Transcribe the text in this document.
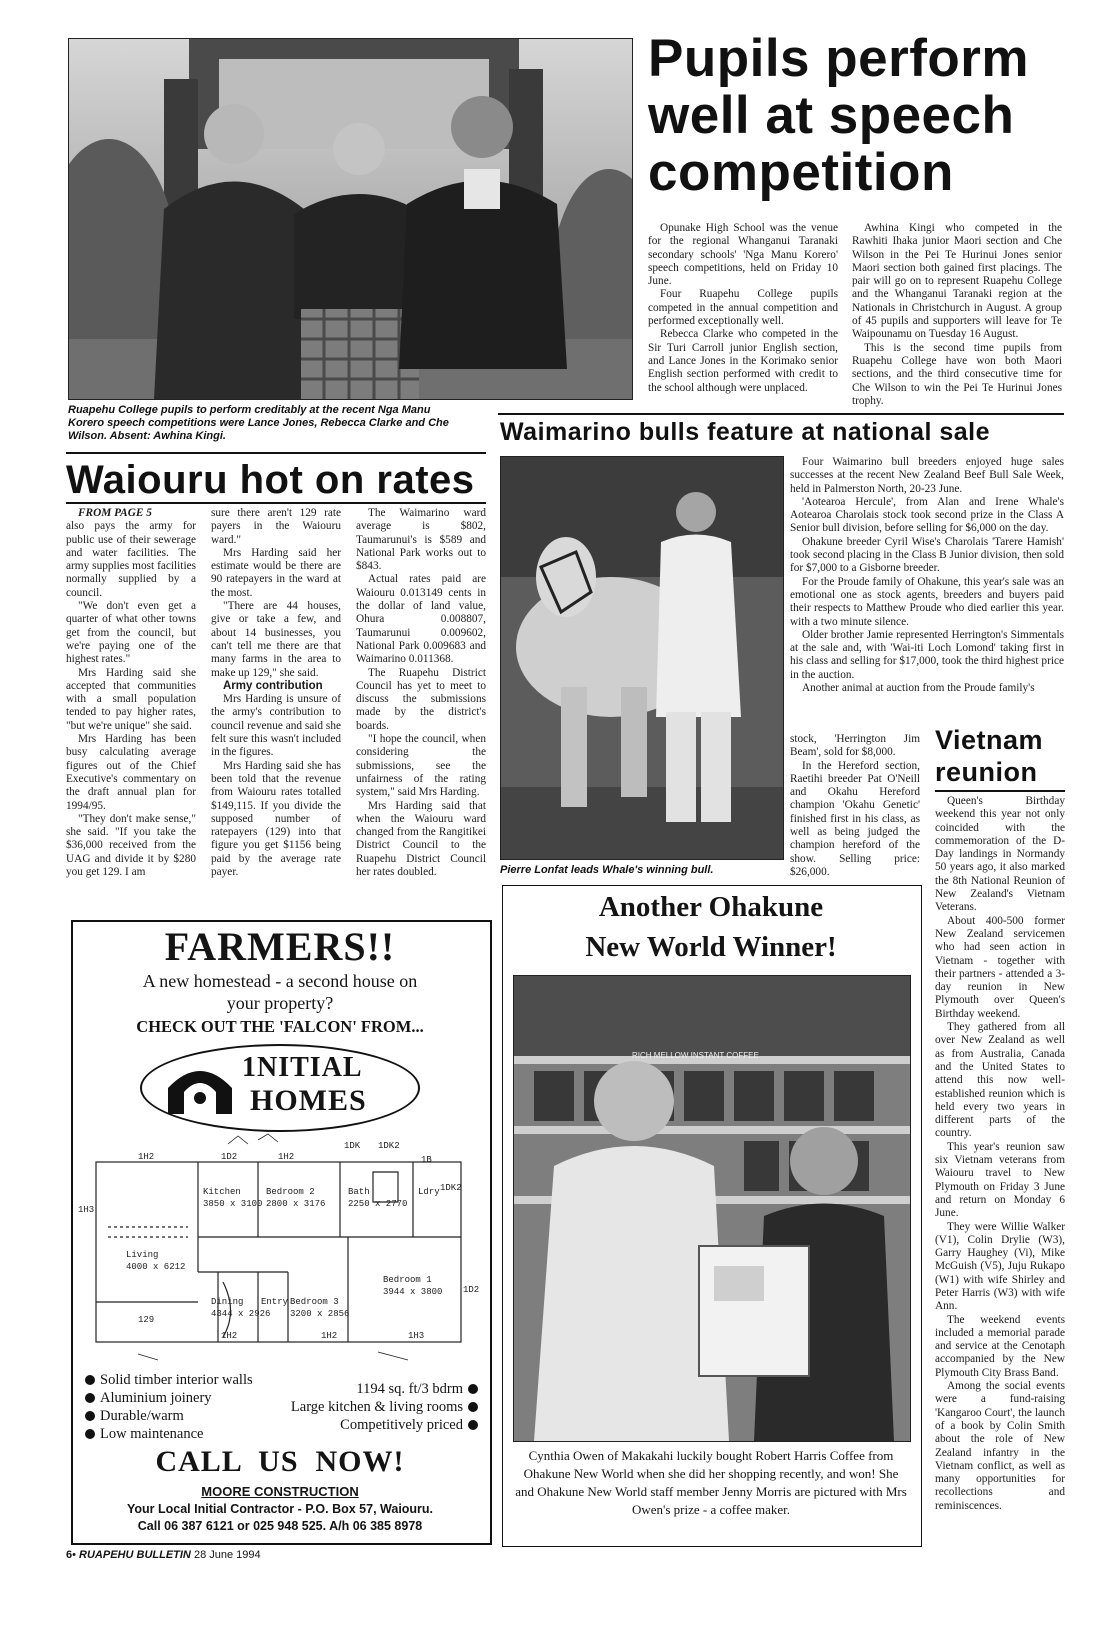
Ruapehu College pupils to perform creditably at the recent Nga Manu Korero speech competitions were Lance Jones, Rebecca Clarke and Che Wilson. Absent: Awhina Kingi.
Pupils perform
well at speech
competition

Opunake High School was the venue for the regional Whanganui Taranaki secondary schools' 'Nga Manu Korero' speech competitions, held on Friday 10 June.

Four Ruapehu College pupils competed in the annual competition and performed exceptionally well.

Rebecca Clarke who competed in the Sir Turi Carroll junior English section, and Lance Jones in the Korimako senior English section performed with credit to the school although were unplaced.

Awhina Kingi who competed in the Rawhiti Ihaka junior Maori section and Che Wilson in the Pei Te Hurinui Jones senior Maori section both gained first placings. The pair will go on to represent Ruapehu College and the Whanganui Taranaki region at the Nationals in Christchurch in August. A group of 45 pupils and supporters will leave for Te Waipounamu on Tuesday 16 August.

This is the second time pupils from Ruapehu College have won both Maori sections, and the third consecutive time for Che Wilson to win the Pei Te Hurinui Jones trophy.

Waimarino bulls feature at national sale
Waiouru hot on rates

FROM PAGE 5

also pays the army for public use of their sewerage and water facilities. The army supplies most facilities normally supplied by a council.

"We don't even get a quarter of what other towns get from the council, but we're paying one of the highest rates."

Mrs Harding said she accepted that communities with a small population tended to pay higher rates, "but we're unique" she said.

Mrs Harding has been busy calculating average figures out of the Chief Executive's commentary on the draft annual plan for 1994/95.

"They don't make sense," she said. "If you take the $36,000 received from the UAG and divide it by $280 you get 129. I am

sure there aren't 129 rate payers in the Waiouru ward."

Mrs Harding said her estimate would be there are 90 ratepayers in the ward at the most.

"There are 44 houses, give or take a few, and about 14 businesses, you can't tell me there are that many farms in the area to make up 129," she said.

Army contribution

Mrs Harding is unsure of the army's contribution to council revenue and said she felt sure this wasn't included in the figures.

Mrs Harding said she has been told that the revenue from Waiouru rates totalled $149,115. If you divide the supposed number of ratepayers (129) into that figure you get $1156 being paid by the average rate payer.

The Waimarino ward average is $802, Taumarunui's is $589 and National Park works out to $843.

Actual rates paid are Waiouru 0.013149 cents in the dollar of land value, Ohura 0.008807, Taumarunui 0.009602, National Park 0.009683 and Waimarino 0.011368.

The Ruapehu District Council has yet to meet to discuss the submissions made by the district's boards.

"I hope the council, when considering the submissions, see the unfairness of the rating system," said Mrs Harding.

Mrs Harding said that when the Waiouru ward changed from the Rangitikei District Council to the Ruapehu District Council her rates doubled.	Pierre Lonfat leads Whale's winning bull.

Four Waimarino bull breeders enjoyed huge sales successes at the recent New Zealand Beef Bull Sale Week, held in Palmerston North, 20-23 June.

'Aotearoa Hercule', from Alan and Irene Whale's Aotearoa Charolais stock took second prize in the Class A Senior bull division, before selling for $6,000 on the day.

Ohakune breeder Cyril Wise's Charolais 'Tarere Hamish' took second placing in the Class B Junior division, then sold for $7,000 to a Gisborne breeder.

For the Proude family of Ohakune, this year's sale was an emotional one as stock agents, breeders and buyers paid their respects to Matthew Proude who died earlier this year. with a two minute silence.

Older brother Jamie represented Herrington's Simmentals at the sale and, with 'Wai-iti Loch Lomond' taking first in his class and selling for $17,000, took the third highest price in the auction.

Another animal at auction from the Proude family's

stock, 'Herrington Jim Beam', sold for $8,000.

In the Hereford section, Raetihi breeder Pat O'Neill and Okahu Hereford champion 'Okahu Genetic' finished first in his class, as well as being judged the champion hereford of the show. Selling price: $26,000.

Vietnam
reunion

Queen's Birthday weekend this year not only coincided with the commemoration of the D-Day landings in Normandy 50 years ago, it also marked the 8th National Reunion of New Zealand's Vietnam Veterans.

About 400-500 former New Zealand servicemen who had seen action in Vietnam - together with their partners - attended a 3-day reunion in New Plymouth over Queen's Birthday weekend.

They gathered from all over New Zealand as well as from Australia, Canada and the United States to attend this now well-established reunion which is held every two years in different parts of the country.

This year's reunion saw six Vietnam veterans from Waiouru travel to New Plymouth on Friday 3 June and return on Monday 6 June.

They were Willie Walker (V1), Colin Drylie (W3), Garry Haughey (Vi), Mike McGuish (V5), Juju Rukapo (W1) with wife Shirley and Peter Harris (W3) with wife Ann.

The weekend events included a memorial parade and service at the Cenotaph accompanied by the New Plymouth City Brass Band.

Among the social events were a fund-raising 'Kangaroo Court', the launch of a book by Colin Smith about the role of New Zealand infantry in the Vietnam conflict, as well as many opportunities for recollections and reminiscences.

Another Ohakune
New World Winner!
RICH MELLOW INSTANT COFFEE
Cynthia Owen of Makakahi luckily bought Robert Harris Coffee from Ohakune New World when she did her shopping recently, and won! She and Ohakune New World staff member Jenny Morris are pictured with Mrs Owen's prize - a coffee maker.
FARMERS!!
A new homestead - a second house on
your property?
CHECK OUT THE 'FALCON' FROM...
1NITIAL
HOMES
Kitchen
3850 x 3100
Bedroom 2
2800 x 3176
Bath
2250 x 2770
Ldry
Living
4000 x 6212
Dining
4344 x 2926
Entry Bedroom 3
3200 x 2856
Bedroom 1
3944 x 3800
1H2	1D2	1H2
1DK 1DK2
1B
1DK2
1H3
1D2
129
1H2	1H2	1H3
Solid timber interior walls
Aluminium joinery
Durable/warm
Low maintenance
1194 sq. ft/3 bdrm
Large kitchen & living rooms
Competitively priced
CALL  US  NOW!
MOORE CONSTRUCTION
Your Local Initial Contractor - P.O. Box 57, Waiouru.
Call 06 387 6121 or 025 948 525. A/h 06 385 8978
6• RUAPEHU BULLETIN 28 June 1994
